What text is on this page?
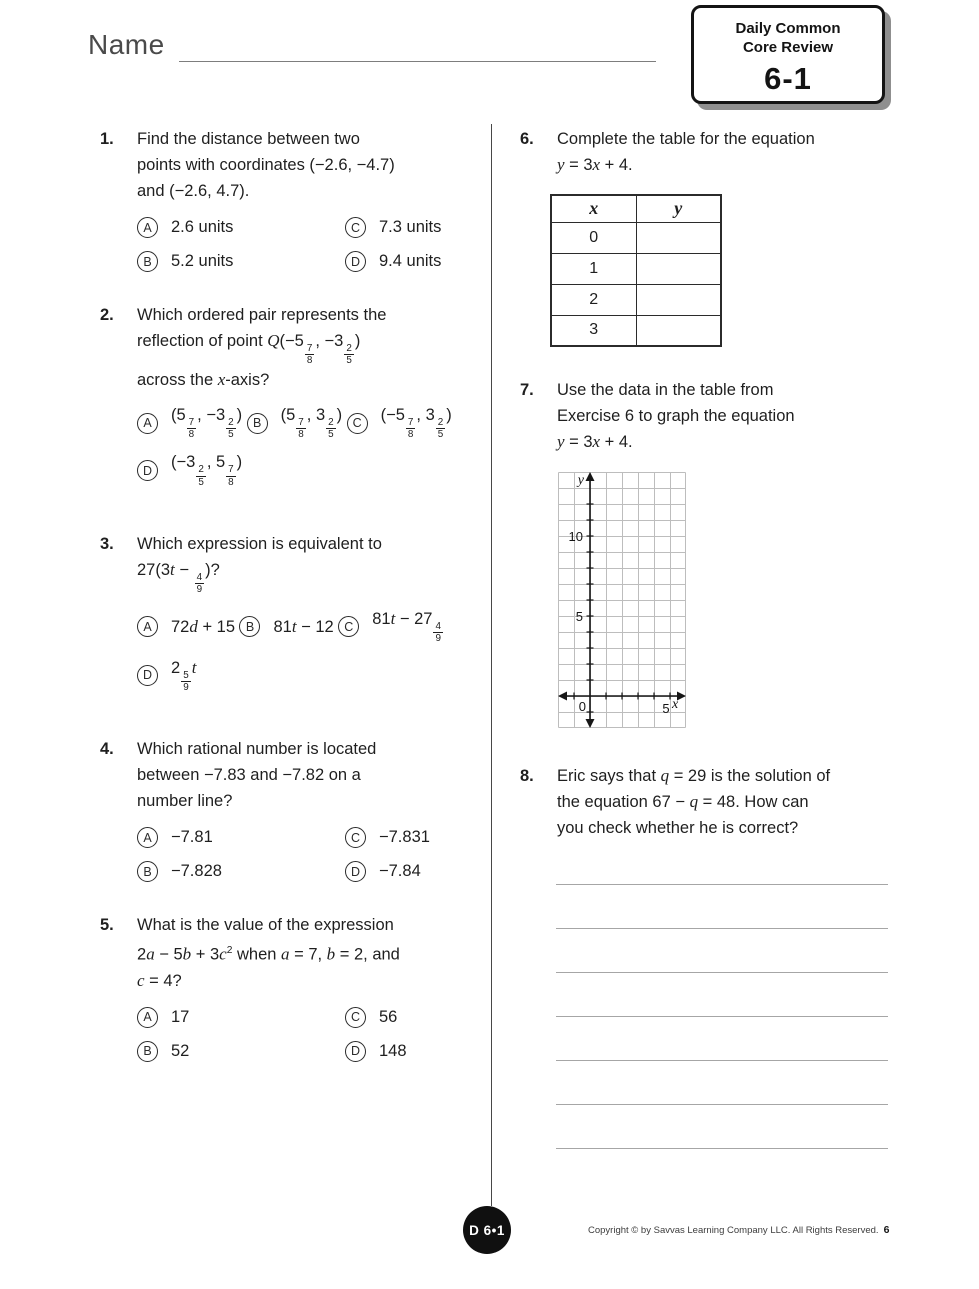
Name
Daily Common
Core Review
6-1
1.	Find the distance between two
points with coordinates (−2.6, −4.7)
and (−2.6, 4.7).
A	2.6 units	C	7.3 units
B	5.2 units	D	9.4 units
2.	Which ordered pair represents the
reflection of point Q(−5
$\frac{7}{8}$
, −3
$\frac{2}{5}$
)
across the x-axis?
A	(5
$\frac{7}{8}$
, −3
$\frac{2}{5}$
)
B	(5
$\frac{7}{8}$
, 3
$\frac{2}{5}$
)
C	(−5
$\frac{7}{8}$
, 3
$\frac{2}{5}$
)

D	(−3
$\frac{2}{5}$
, 5
$\frac{7}{8}$
)
3.	Which expression is equivalent to
27(3t −
$\frac{4}{9}$
)?
A	72d + 15
B	81t − 12
C	81t − 27
$\frac{4}{9}$

D	2
$\frac{5}{9}$
t
4.	Which rational number is located
between −7.83 and −7.82 on a
number line?
A	−7.81	C	−7.831
B	−7.828	D	−7.84
5.	What is the value of the expression
$2a - 5b + 3c^2$ when a = 7, b = 2, and
c = 4?
A	17	C	56
B	52	D	148
6.	Complete the table for the equation
y = 3x + 4.
x	y
0	
1	
2	
3	
7.	Use the data in the table from
Exercise 6 to graph the equation
y = 3x + 4.
y
10
5
0	5 x
8.	Eric says that q = 29 is the solution of
the equation 67 − q = 48. How can
you check whether he is correct?
D 6•1	Copyright © by Savvas Learning Company LLC. All Rights Reserved. 6
